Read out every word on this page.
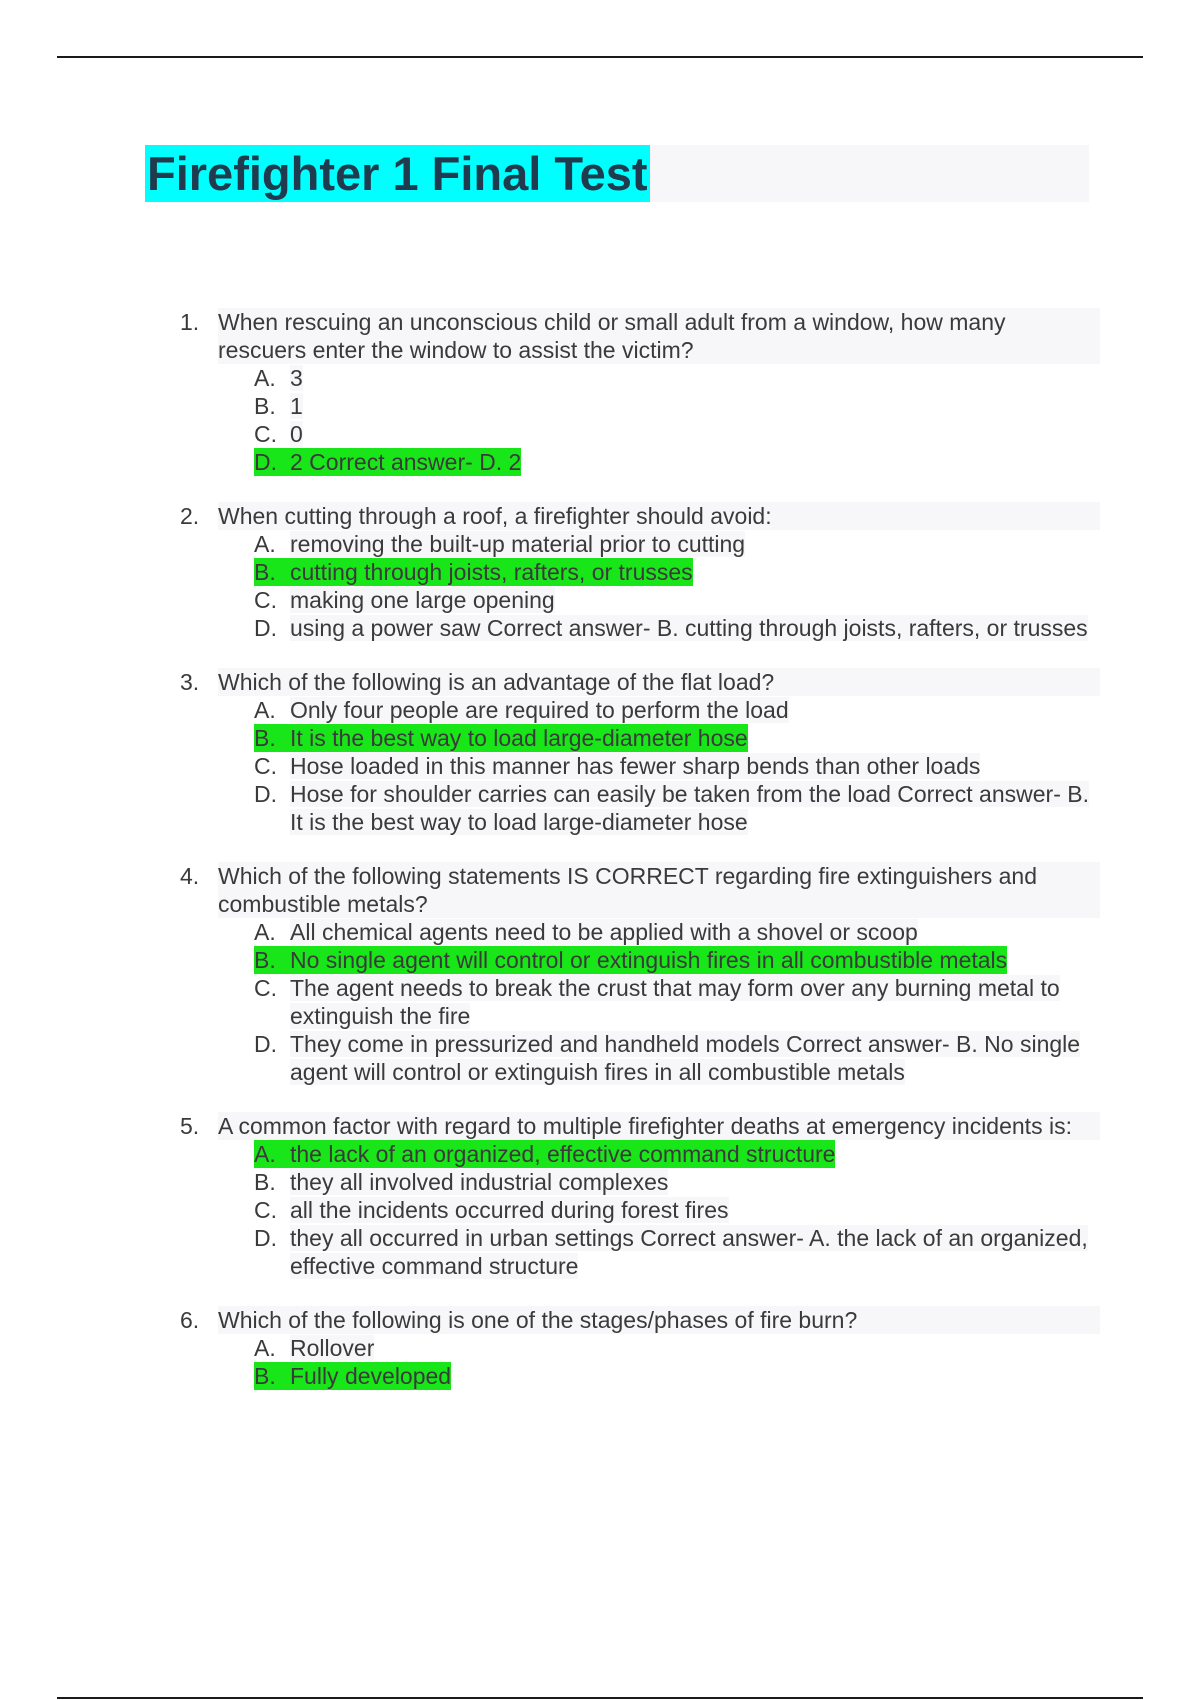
Firefighter 1 Final Test
1. When rescuing an unconscious child or small adult from a window, how many rescuers enter the window to assist the victim?
A. 3
B. 1
C. 0
D. 2 Correct answer- D. 2
2. When cutting through a roof, a firefighter should avoid:
A. removing the built-up material prior to cutting
B. cutting through joists, rafters, or trusses
C. making one large opening
D. using a power saw Correct answer- B. cutting through joists, rafters, or trusses
3. Which of the following is an advantage of the flat load?
A. Only four people are required to perform the load
B. It is the best way to load large-diameter hose
C. Hose loaded in this manner has fewer sharp bends than other loads
D. Hose for shoulder carries can easily be taken from the load Correct answer- B. It is the best way to load large-diameter hose
4. Which of the following statements IS CORRECT regarding fire extinguishers and combustible metals?
A. All chemical agents need to be applied with a shovel or scoop
B. No single agent will control or extinguish fires in all combustible metals
C. The agent needs to break the crust that may form over any burning metal to extinguish the fire
D. They come in pressurized and handheld models Correct answer- B. No single agent will control or extinguish fires in all combustible metals
5. A common factor with regard to multiple firefighter deaths at emergency incidents is:
A. the lack of an organized, effective command structure
B. they all involved industrial complexes
C. all the incidents occurred during forest fires
D. they all occurred in urban settings Correct answer- A. the lack of an organized, effective command structure
6. Which of the following is one of the stages/phases of fire burn?
A. Rollover
B. Fully developed
